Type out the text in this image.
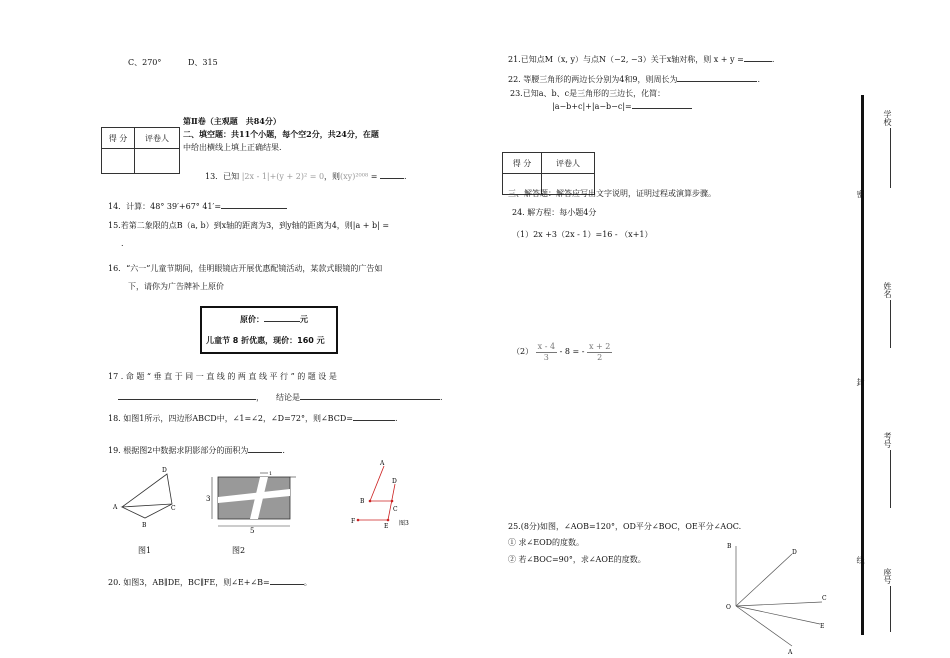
C、270°	D、315
第Ⅱ卷（主观题　共84分）
得 分	评卷人
	二、填空题：共11个小题，每个空2分，共24分，在题
中给出横线上填上正确结果.
13．已知 |2x - 1|+(y + 2)² = 0，则(xy)²⁰⁰⁸ =	.
14．计算：48° 39′+67° 41′=
15.若第二象限的点B（a, b）到x轴的距离为3，到y轴的距离为4，则|a + b| =
.
16．“六一”儿童节期间，佳明眼镜店开展优惠配镜活动，某款式眼镜的广告如
下，请你为广告牌补上原价
原价：	元
儿童节 8 折优惠，现价：160 元
17 . 命 题 “ 垂 直 于 同 一 直 线 的 两 直 线 平 行 ” 的 题 设 是
，　　结论是	.
18. 如图1所示，四边形ABCD中，∠1=∠2，∠D=72°，则∠BCD=	.
19. 根据图2中数据求阴影部分的面积为	.
D
A	C
B
图1
3
5
1
图2
A
D
B
C
F
E 图3
20. 如图3，AB∥DE，BC∥FE，则∠E+∠B=	。
21.已知点M（x, y）与点N（−2, −3）关于x轴对称，则 x + y =	.
22. 等腰三角形的两边长分别为4和9，则周长为	.
23.已知a、b、c是三角形的三边长，化简：
|a−b+c|+|a−b−c|=
得 分	评卷人

三、解答题：解答应写出文字说明，证明过程或演算步骤。
24. 解方程：每小题4分
（1）2x +3（2x - 1）=16 - （x+1）
$(2) \frac{x - 4}{3} - 8$ = - $\frac{x + 2}{2}$
25.(8分)如图，∠AOB=120°，OD平分∠BOC，OE平分∠AOC.
① 求∠EOD的度数。
② 若∠BOC=90°，求∠AOE的度数。
B
D
C
E
A
O
学校
密
姓名
封
考号
线
座号
